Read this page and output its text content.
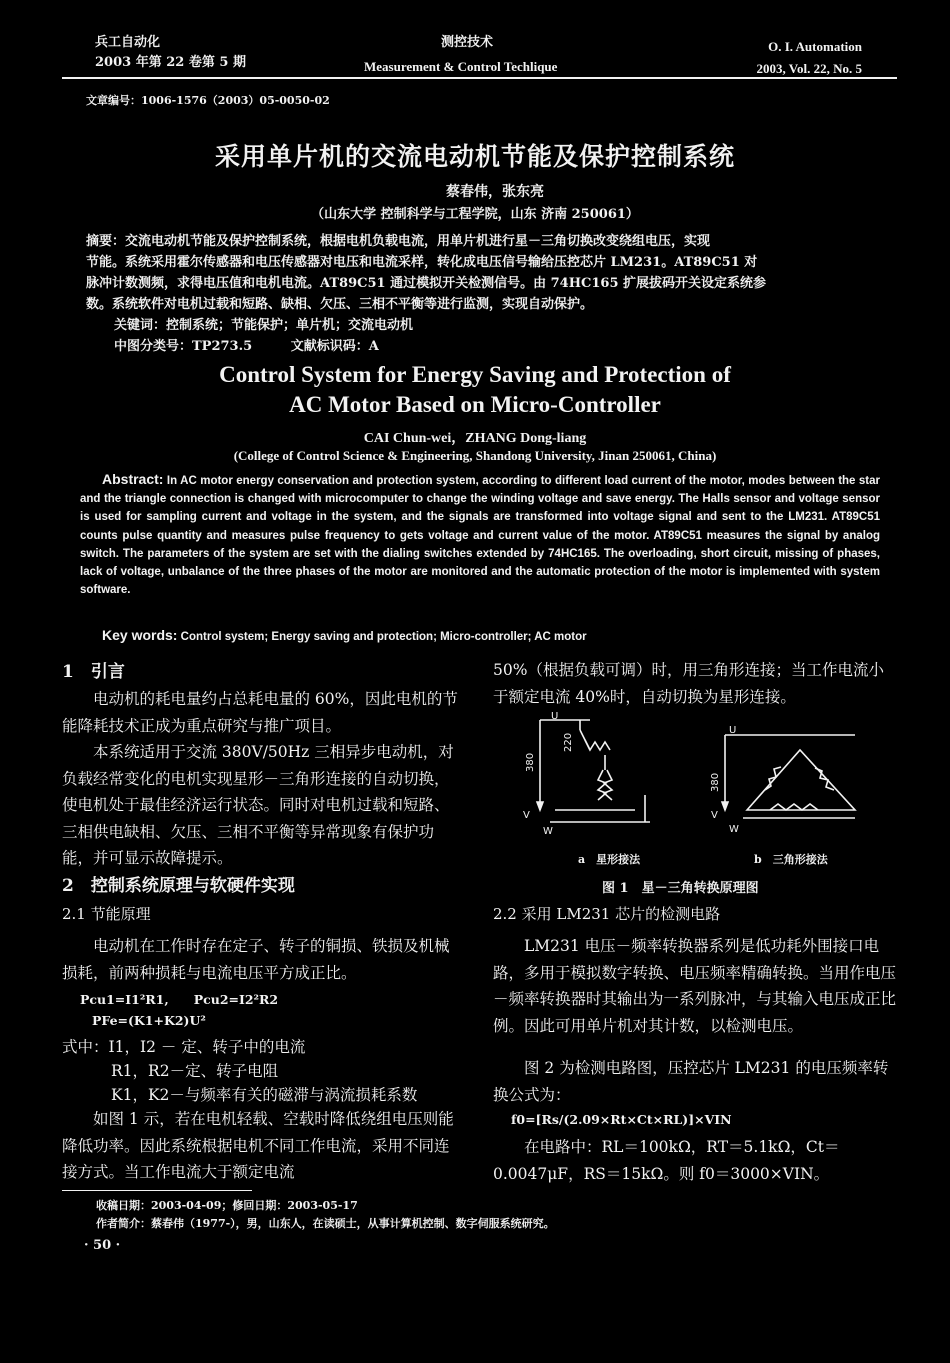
兵工自动化
2003 年第 22 卷第 5 期
测控技术
Measurement & Control Techlique
O. I. Automation
2003, Vol. 22, No. 5
文章编号：1006-1576（2003）05-0050-02
采用单片机的交流电动机节能及保护控制系统
蔡春伟，张东亮
（山东大学 控制科学与工程学院，山东 济南 250061）
摘要：交流电动机节能及保护控制系统，根据电机负载电流，用单片机进行星－三角切换改变绕组电压，实现
节能。系统采用霍尔传感器和电压传感器对电压和电流采样，转化成电压信号输给压控芯片 LM231。AT89C51 对
脉冲计数测频，求得电压值和电机电流。AT89C51 通过模拟开关检测信号。由 74HC165 扩展拔码开关设定系统参
数。系统软件对电机过载和短路、缺相、欠压、三相不平衡等进行监测，实现自动保护。
关键词：控制系统；节能保护；单片机；交流电动机
中图分类号：TP273.5	文献标识码：A
Control System for Energy Saving and Protection of
AC Motor Based on Micro-Controller
CAI Chun-wei，ZHANG Dong-liang
(College of Control Science & Engineering, Shandong University, Jinan 250061, China)
Abstract: In AC motor energy conservation and protection system, according to different load current of the motor, modes between the star and the triangle connection is changed with microcomputer to change the winding voltage and save energy. The Halls sensor and voltage sensor is used for sampling current and voltage in the system, and the signals are transformed into voltage signal and sent to the LM231. AT89C51 counts pulse quantity and measures pulse frequency to gets voltage and current value of the motor. AT89C51 measures the signal by analog switch. The parameters of the system are set with the dialing switches extended by 74HC165. The overloading, short circuit, missing of phases, lack of voltage, unbalance of the three phases of the motor are monitored and the automatic protection of the motor is implemented with system software.
Key words: Control system; Energy saving and protection; Micro-controller; AC motor
1　引言
电动机的耗电量约占总耗电量的 60%，因此电机的节能降耗技术正成为重点研究与推广项目。
本系统适用于交流 380V/50Hz 三相异步电动机，对负载经常变化的电机实现星形－三角形连接的自动切换，使电机处于最佳经济运行状态。同时对电机过载和短路、三相供电缺相、欠压、三相不平衡等异常现象有保护功能，并可显示故障提示。
2　控制系统原理与软硬件实现
2.1 节能原理
电动机在工作时存在定子、转子的铜损、铁损及机械损耗，前两种损耗与电流电压平方成正比。
Pcu1=I1²R1,　　Pcu2=I2²R2
PFe=(K1+K2)U²
式中：I1，I2 － 定、转子中的电流
R1，R2－定、转子电阻
K1，K2－与频率有关的磁滞与涡流损耗系数
如图 1 示，若在电机轻载、空载时降低绕组电压则能降低功率。因此系统根据电机不同工作电流，采用不同连接方式。当工作电流大于额定电流
50%（根据负载可调）时，用三角形连接；当工作电流小于额定电流 40%时，自动切换为星形连接。
U
V
W
380
220
U
V
W
380
a　星形接法	b　三角形接法
图 1　星－三角转换原理图
2.2 采用 LM231 芯片的检测电路
LM231 电压－频率转换器系列是低功耗外围接口电路，多用于模拟数字转换、电压频率精确转换。当用作电压－频率转换器时其输出为一系列脉冲，与其输入电压成正比例。因此可用单片机对其计数，以检测电压。
图 2 为检测电路图，压控芯片 LM231 的电压频率转换公式为：
f0=[Rs/(2.09×Rt×Ct×RL)]×VIN
在电路中：RL＝100kΩ，RT＝5.1kΩ，Ct＝0.0047μF，RS＝15kΩ。则 f0＝3000×VIN。
收稿日期：2003-04-09；修回日期：2003-05-17
作者简介：蔡春伟（1977-），男，山东人，在读硕士，从事计算机控制、数字伺服系统研究。
· 50 ·
